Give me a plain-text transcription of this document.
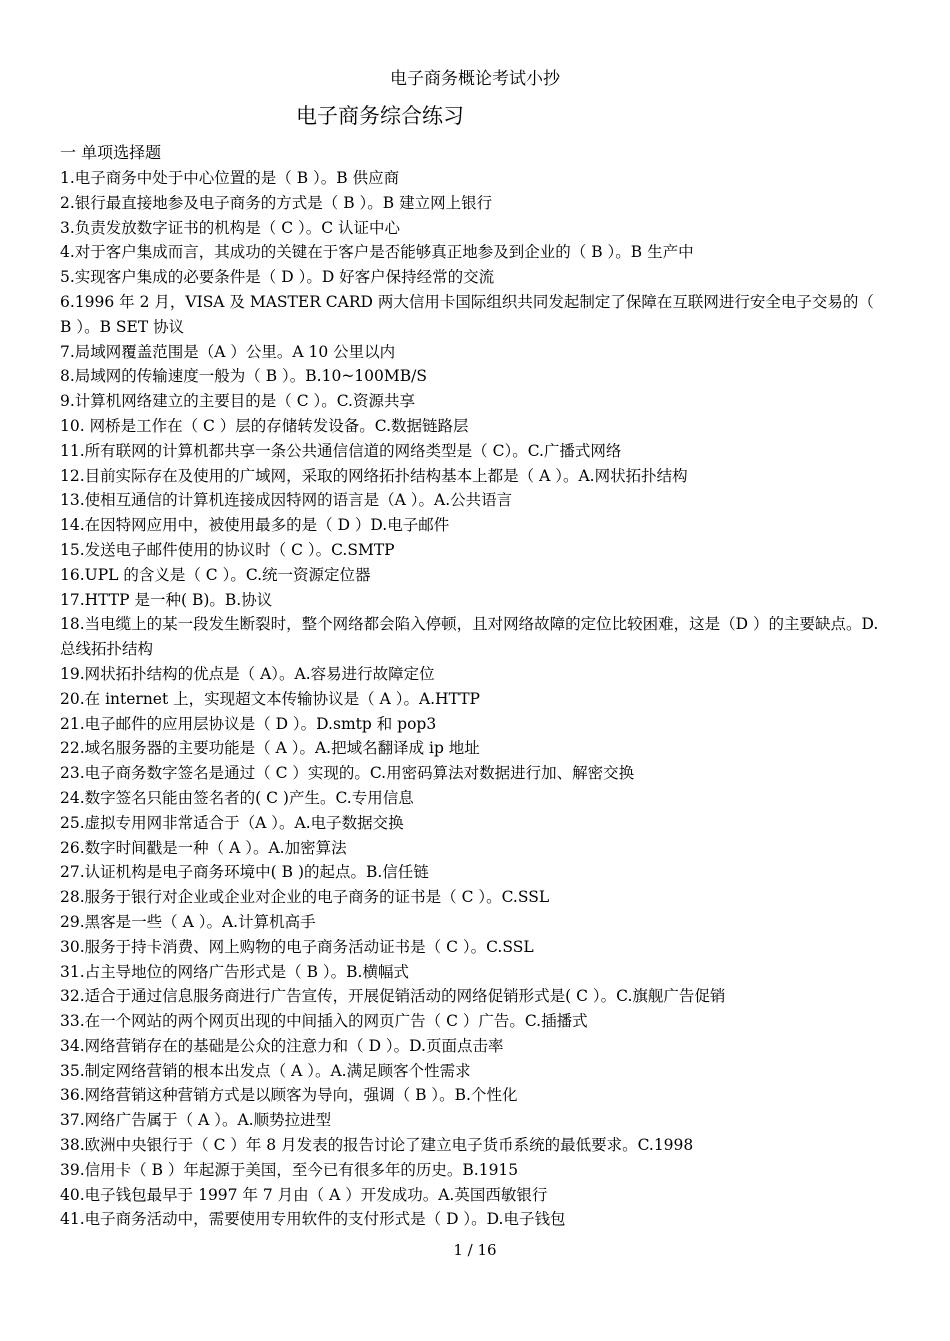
电子商务概论考试小抄
电子商务综合练习
一 单项选择题
1.电子商务中处于中心位置的是（ B ）。B 供应商
2.银行最直接地参及电子商务的方式是（ B ）。B 建立网上银行
3.负责发放数字证书的机构是（ C ）。C 认证中心
4.对于客户集成而言，其成功的关键在于客户是否能够真正地参及到企业的（ B ）。B 生产中
5.实现客户集成的必要条件是（ D ）。D 好客户保持经常的交流
6.1996 年 2 月，VISA 及 MASTER CARD 两大信用卡国际组织共同发起制定了保障在互联网进行安全电子交易的（ B ）。B SET 协议
7.局域网覆盖范围是（A ）公里。A 10 公里以内
8.局域网的传输速度一般为（ B ）。B.10~100MB/S
9.计算机网络建立的主要目的是（ C ）。C.资源共享
10. 网桥是工作在（ C ）层的存储转发设备。C.数据链路层
11.所有联网的计算机都共享一条公共通信信道的网络类型是（ C）。C.广播式网络
12.目前实际存在及使用的广域网，采取的网络拓扑结构基本上都是（ A ）。A.网状拓扑结构
13.使相互通信的计算机连接成因特网的语言是（A ）。A.公共语言
14.在因特网应用中，被使用最多的是（ D ）D.电子邮件
15.发送电子邮件使用的协议时（ C ）。C.SMTP
16.UPL 的含义是（ C ）。C.统一资源定位器
17.HTTP 是一种( B)。B.协议
18.当电缆上的某一段发生断裂时，整个网络都会陷入停顿，且对网络故障的定位比较困难，这是（D ）的主要缺点。D.总线拓扑结构
19.网状拓扑结构的优点是（ A）。A.容易进行故障定位
20.在 internet 上，实现超文本传输协议是（ A ）。A.HTTP
21.电子邮件的应用层协议是（ D ）。D.smtp 和 pop3
22.域名服务器的主要功能是（ A ）。A.把域名翻译成 ip 地址
23.电子商务数字签名是通过（ C ）实现的。C.用密码算法对数据进行加、解密交换
24.数字签名只能由签名者的( C )产生。C.专用信息
25.虚拟专用网非常适合于（A ）。A.电子数据交换
26.数字时间戳是一种（ A ）。A.加密算法
27.认证机构是电子商务环境中( B )的起点。B.信任链
28.服务于银行对企业或企业对企业的电子商务的证书是（ C ）。C.SSL
29.黑客是一些（ A ）。A.计算机高手
30.服务于持卡消费、网上购物的电子商务活动证书是（ C ）。C.SSL
31.占主导地位的网络广告形式是（ B ）。B.横幅式
32.适合于通过信息服务商进行广告宣传，开展促销活动的网络促销形式是( C ）。C.旗舰广告促销
33.在一个网站的两个网页出现的中间插入的网页广告（ C ）广告。C.插播式
34.网络营销存在的基础是公众的注意力和（ D ）。D.页面点击率
35.制定网络营销的根本出发点（ A ）。A.满足顾客个性需求
36.网络营销这种营销方式是以顾客为导向，强调（ B ）。B.个性化
37.网络广告属于（ A ）。A.顺势拉进型
38.欧洲中央银行于（ C ）年 8 月发表的报告讨论了建立电子货币系统的最低要求。C.1998
39.信用卡（ B ）年起源于美国，至今已有很多年的历史。B.1915
40.电子钱包最早于 1997 年 7 月由（ A ）开发成功。A.英国西敏银行
41.电子商务活动中，需要使用专用软件的支付形式是（ D ）。D.电子钱包
1 / 16
